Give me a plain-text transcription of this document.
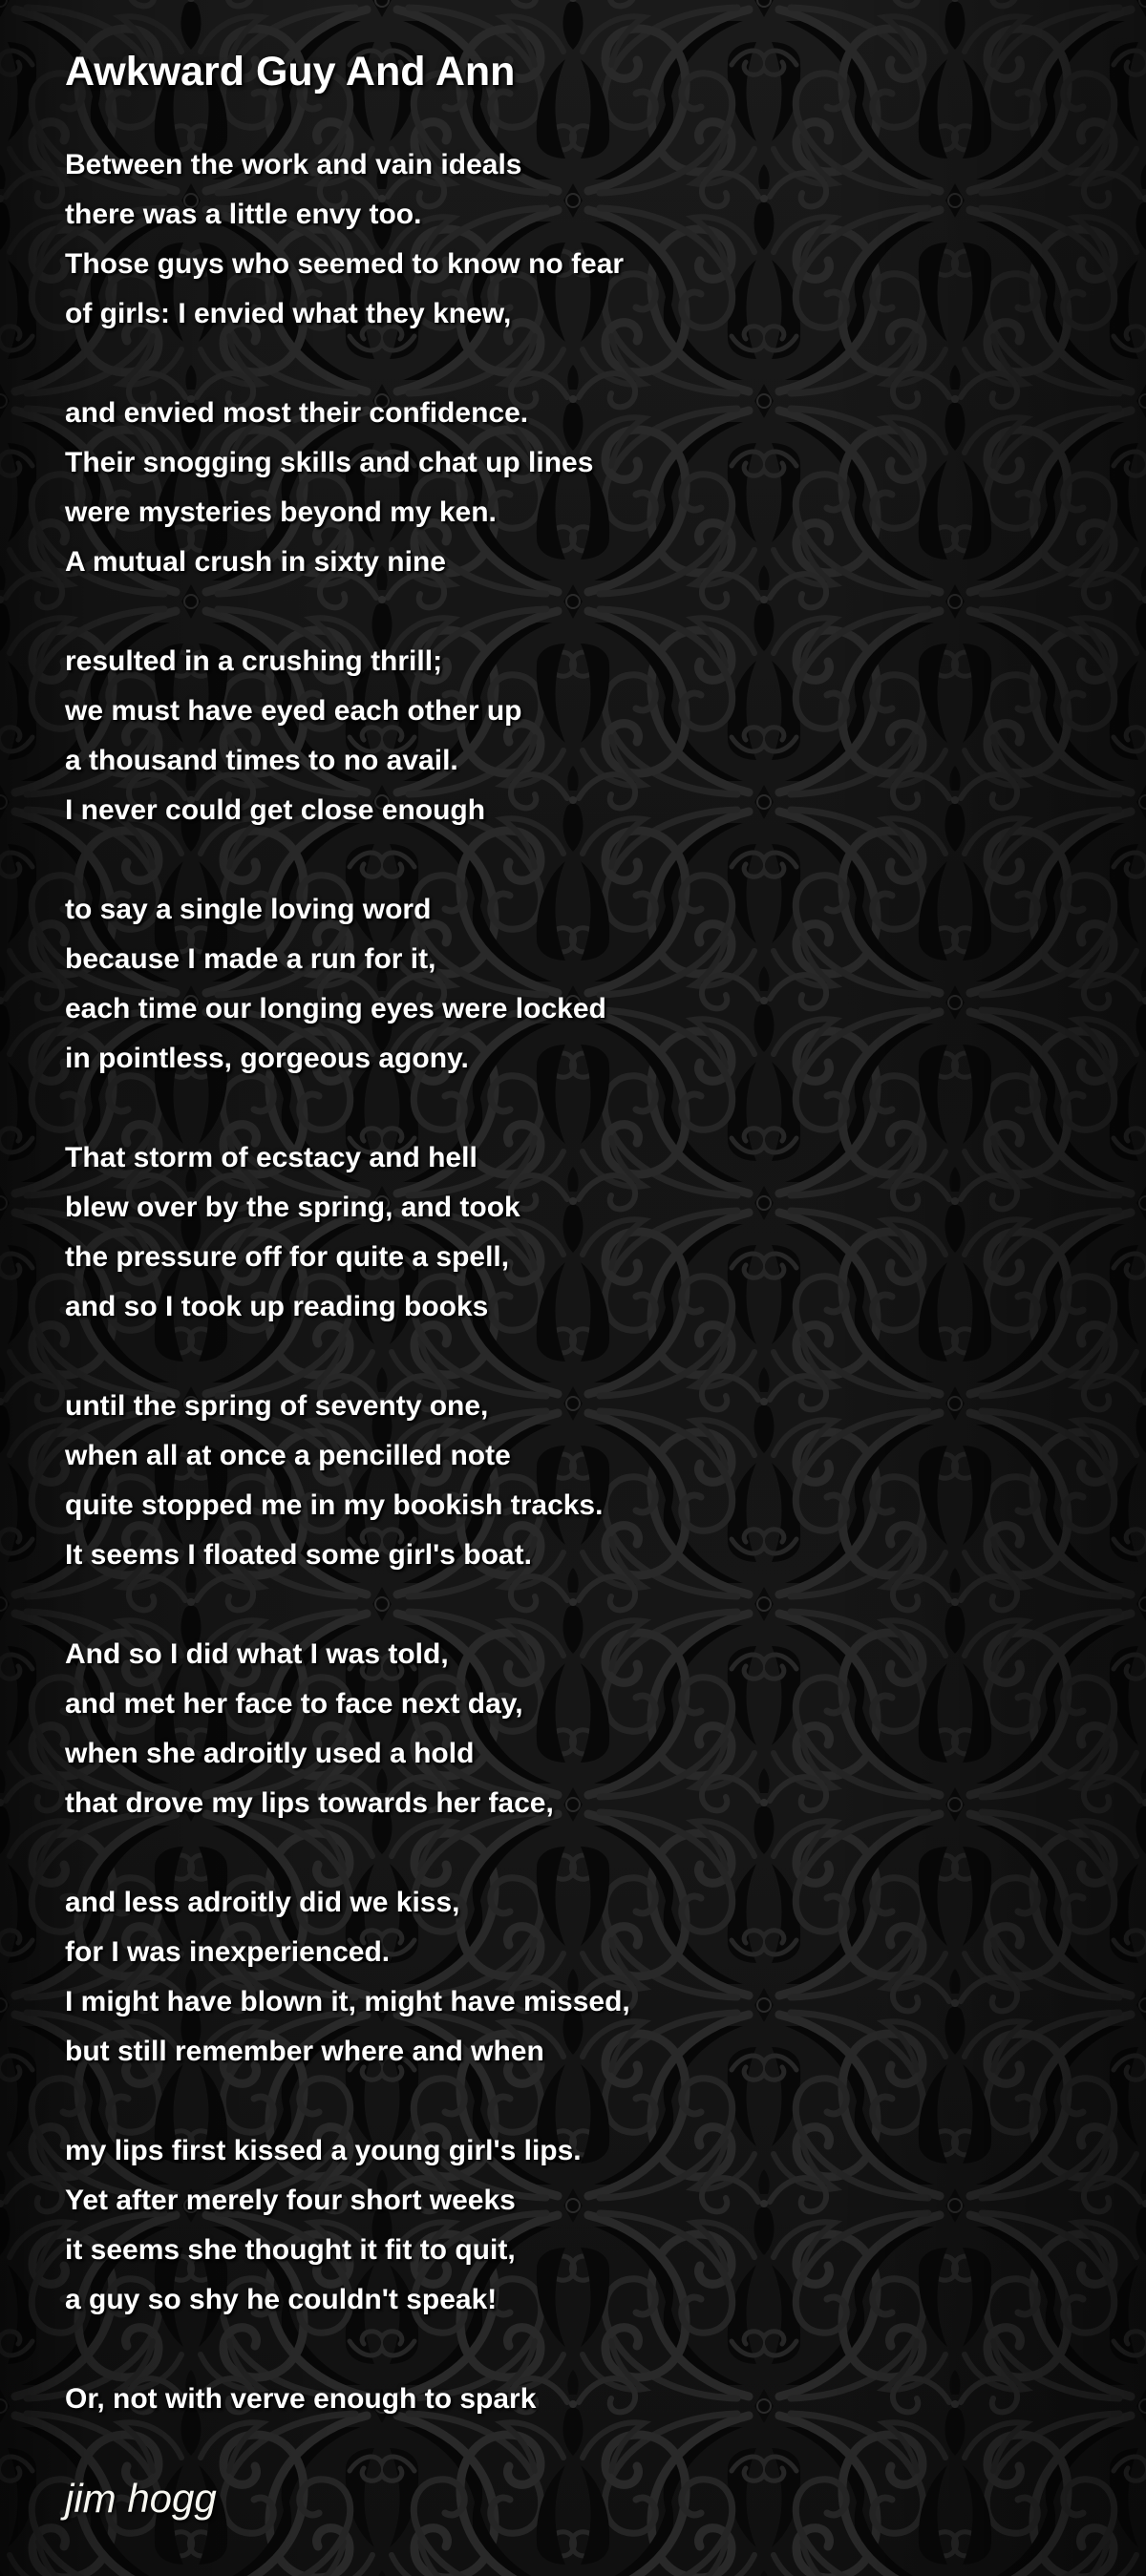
Awkward Guy And Ann
Between the work and vain ideals
there was a little envy too.
Those guys who seemed to know no fear
of girls: I envied what they knew,
and envied most their confidence.
Their snogging skills and chat up lines
were mysteries beyond my ken.
A mutual crush in sixty nine
resulted in a crushing thrill;
we must have eyed each other up
a thousand times to no avail.
I never could get close enough
to say a single loving word
because I made a run for it,
each time our longing eyes were locked
in pointless, gorgeous agony.
That storm of ecstacy and hell
blew over by the spring, and took
the pressure off for quite a spell,
and so I took up reading books
until the spring of seventy one,
when all at once a pencilled note
quite stopped me in my bookish tracks.
It seems I floated some girl's boat.
And so I did what I was told,
and met her face to face next day,
when she adroitly used a hold
that drove my lips towards her face,
and less adroitly did we kiss,
for I was inexperienced.
I might have blown it, might have missed,
but still remember where and when
my lips first kissed a young girl's lips.
Yet after merely four short weeks
it seems she thought it fit to quit,
a guy so shy he couldn't speak!
Or, not with verve enough to spark
jim hogg
